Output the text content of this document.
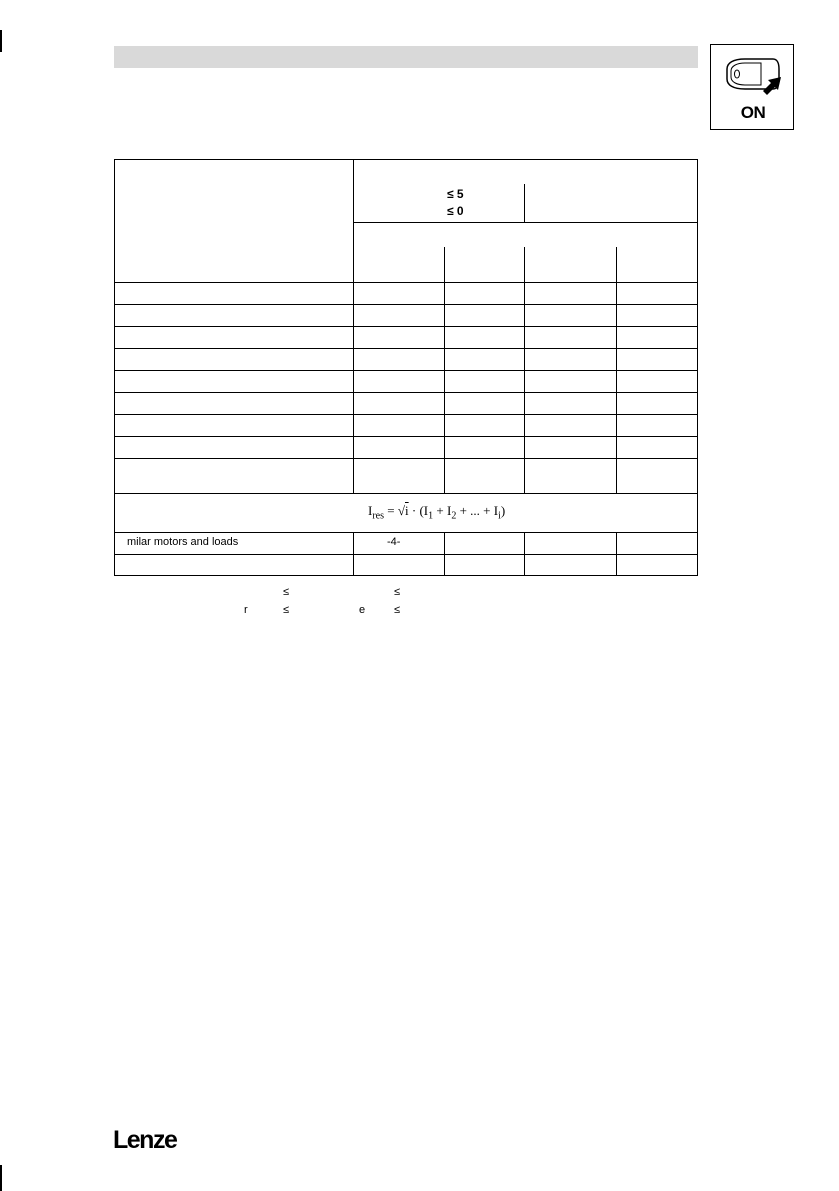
ON
≤ 5
≤ 0
$I_{res} = √i \cdot (I_1 + I_2$ + ... + $I_i$)
milar motors and loads	-4-
≤	≤
r	≤	e	≤
Lenze
